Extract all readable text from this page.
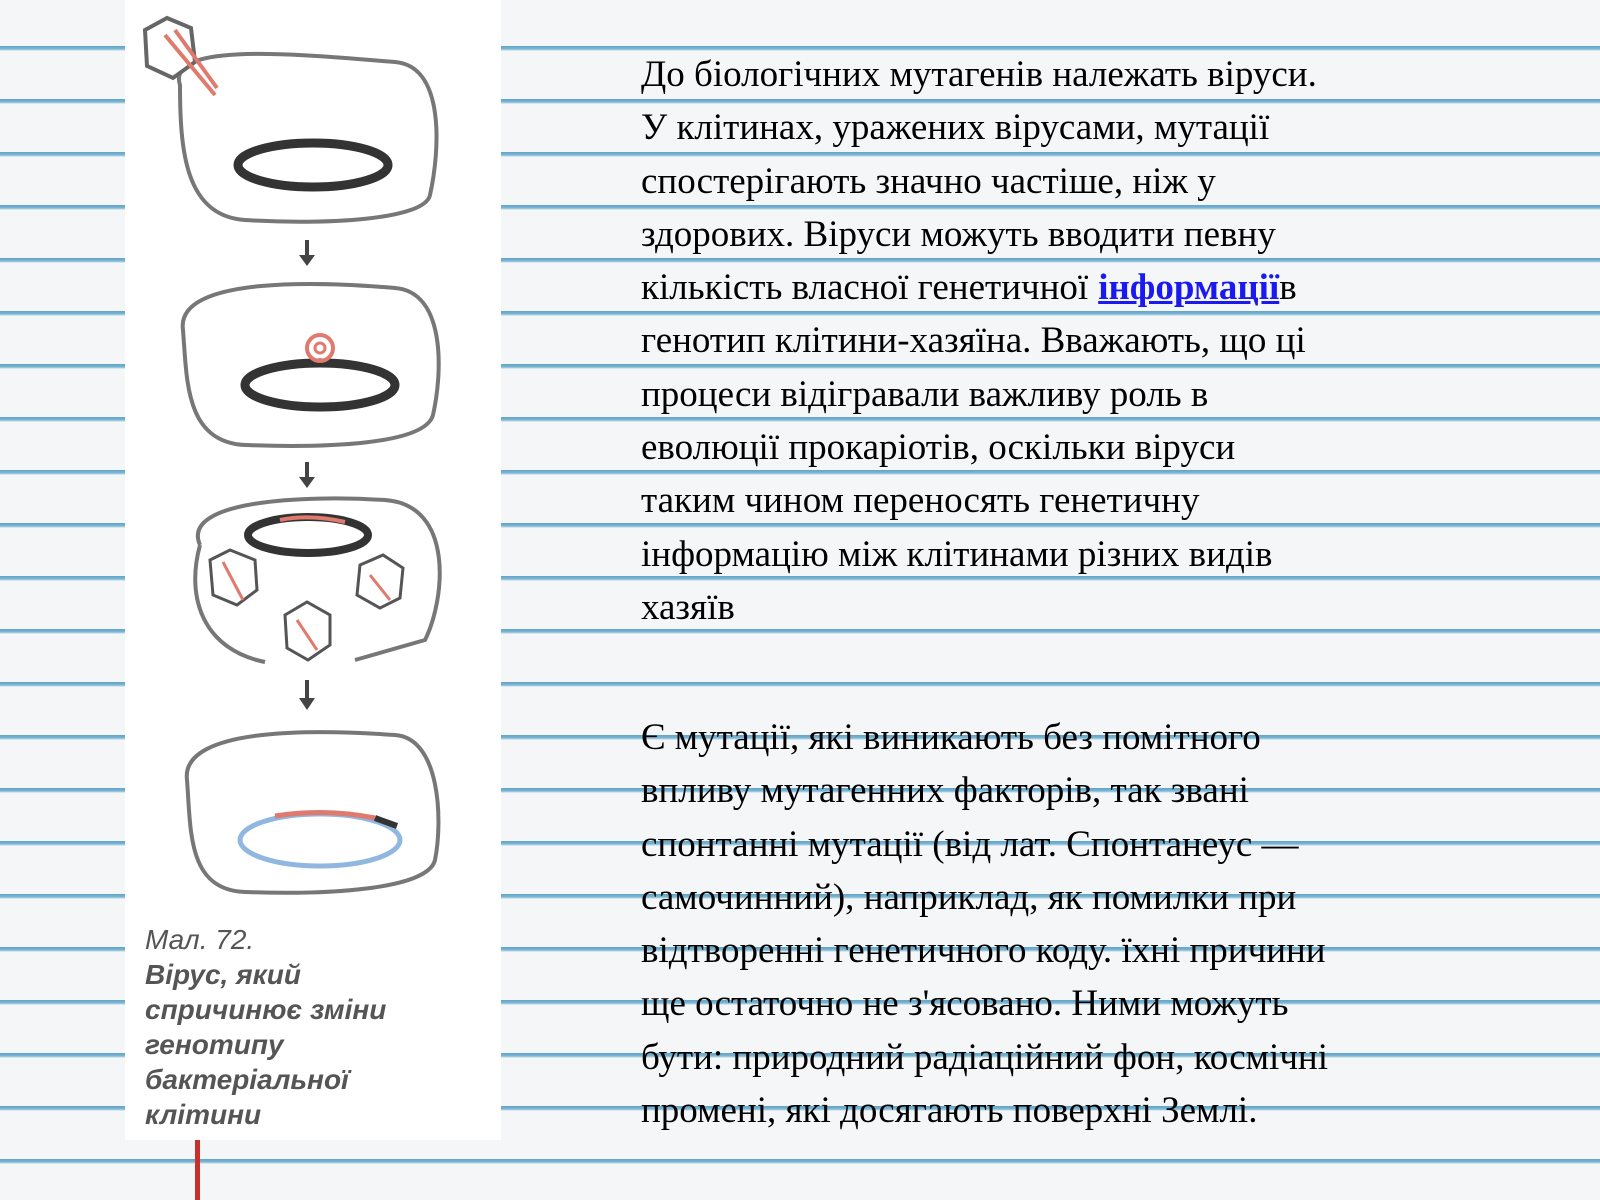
Мал. 72.
Вірус, який
спричинює зміни
генотипу
бактеріальної
клітини
До біологічних мутагенів належать віруси.
У клітинах, уражених вірусами, мутації
спостерігають значно частіше, ніж у
здорових. Віруси можуть вводити певну
кількість власної генетичної інформації в
генотип клітини-хазяїна. Вважають, що ці
процеси відігравали важливу роль в
еволюції прокаріотів, оскільки віруси
таким чином переносять генетичну
інформацію між клітинами різних видів
хазяїв
Є мутації, які виникають без помітного
впливу мутагенних факторів, так звані
спонтанні мутації (від лат. Спонтанеус —
самочинний), наприклад, як помилки при
відтворенні генетичного коду. їхні причини
ще остаточно не з'ясовано. Ними можуть
бути: природний радіаційний фон, космічні
промені, які досягають поверхні Землі.
